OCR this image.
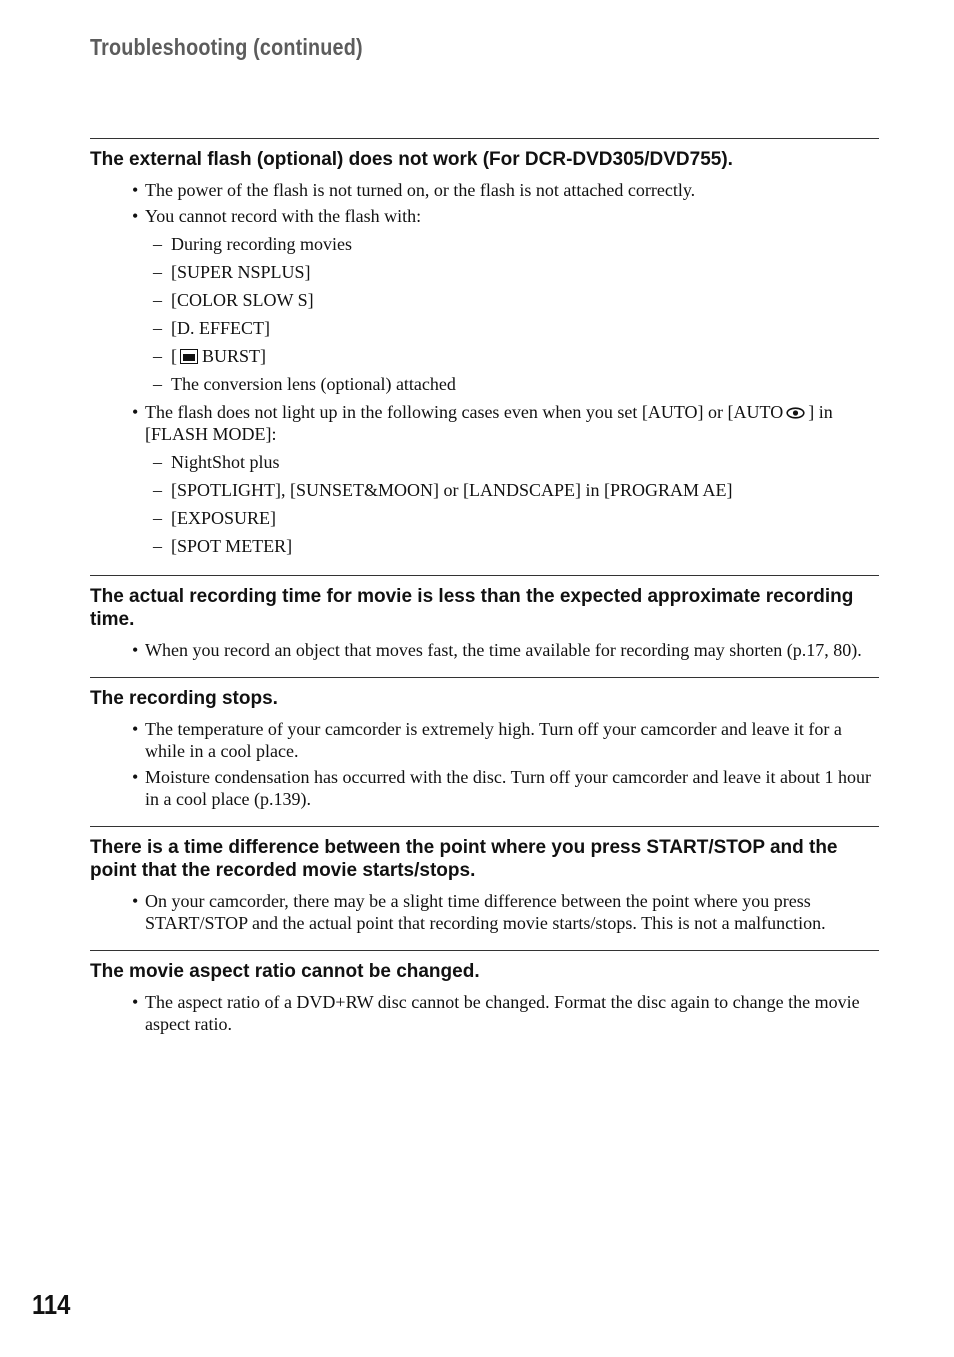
Troubleshooting (continued)
The external flash (optional) does not work (For DCR-DVD305/DVD755).
• The power of the flash is not turned on, or the flash is not attached correctly.
• You cannot record with the flash with:
– During recording movies
– [SUPER NSPLUS]
– [COLOR SLOW S]
– [D. EFFECT]
– [ BURST]
– The conversion lens (optional) attached
• The flash does not light up in the following cases even when you set [AUTO] or [AUTO ] in [FLASH MODE]:
– NightShot plus
– [SPOTLIGHT], [SUNSET&MOON] or [LANDSCAPE] in [PROGRAM AE]
– [EXPOSURE]
– [SPOT METER]
The actual recording time for movie is less than the expected approximate recording time.
• When you record an object that moves fast, the time available for recording may shorten (p.17, 80).
The recording stops.
• The temperature of your camcorder is extremely high. Turn off your camcorder and leave it for a while in a cool place.
• Moisture condensation has occurred with the disc. Turn off your camcorder and leave it about 1 hour in a cool place (p.139).
There is a time difference between the point where you press START/STOP and the point that the recorded movie starts/stops.
• On your camcorder, there may be a slight time difference between the point where you press START/STOP and the actual point that recording movie starts/stops. This is not a malfunction.
The movie aspect ratio cannot be changed.
• The aspect ratio of a DVD+RW disc cannot be changed. Format the disc again to change the movie aspect ratio.
114
